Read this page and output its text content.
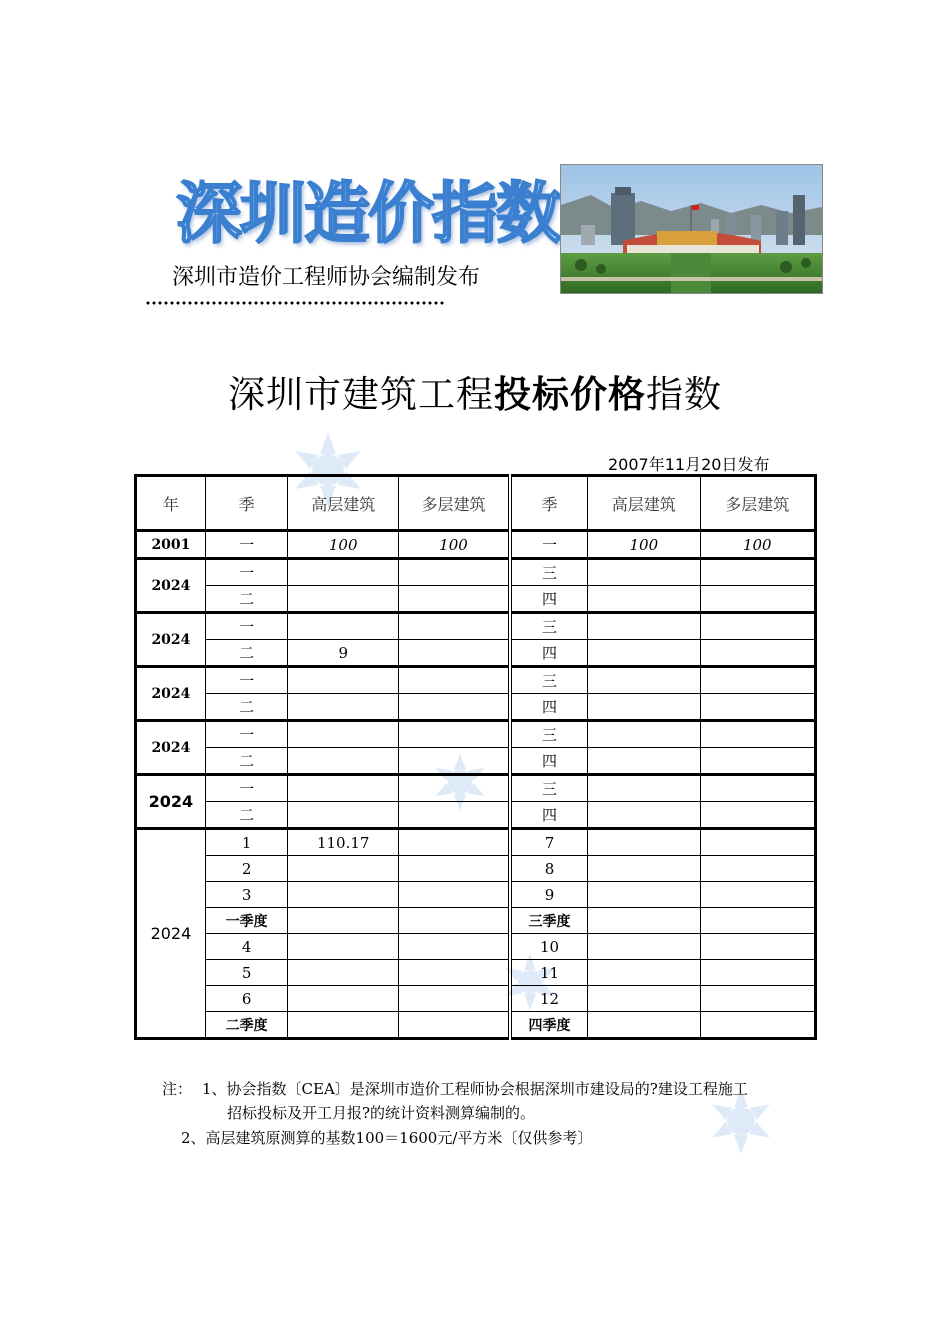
深圳造价指数
深圳市造价工程师协会编制发布
深圳市建筑工程投标价格指数
2007年11月20日发布
年	季	高层建筑	多层建筑	季	高层建筑	多层建筑
2001	一	100	100	一	100	100
2024	一			三		
	二			四		
2024	一			三		
	二	9		四		
2024	一			三		
	二			四		
2024	一			三		
	二			四		
2024	一			三		
	二			四		
2024	1	110.17		7		
	2			8		
	3			9		
	一季度			三季度		
	4			10		
	5			11		
	6			12		
	二季度			四季度		
注： 1、协会指数〔CEA〕是深圳市造价工程师协会根据深圳市建设局的?建设工程施工
招标投标及开工月报?的统计资料测算编制的。
2、高层建筑原测算的基数100＝1600元/平方米〔仅供参考〕
